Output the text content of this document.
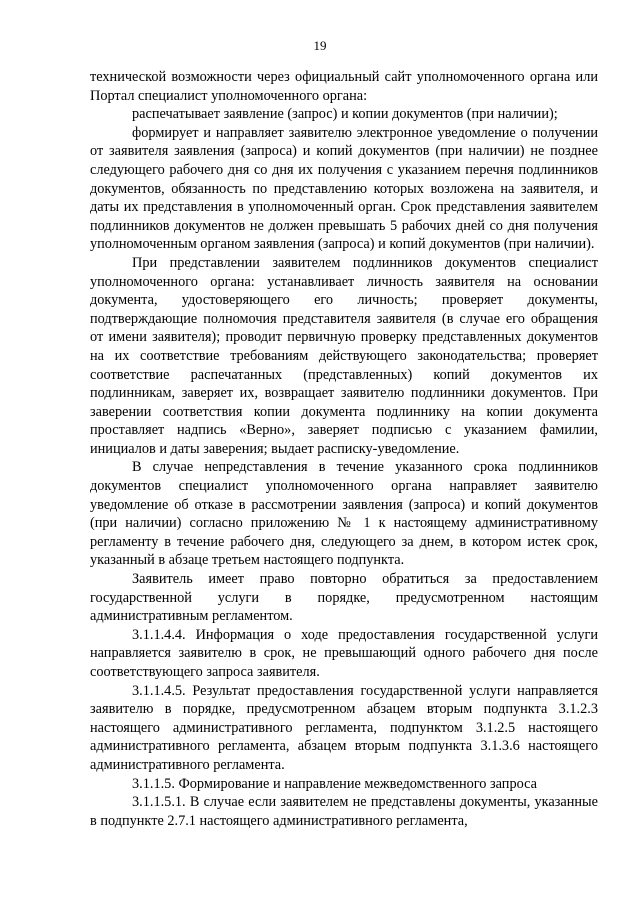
19

технической возможности через официальный сайт уполномоченного органа или Портал специалист уполномоченного органа:

распечатывает заявление (запрос) и копии документов (при наличии);

формирует и направляет заявителю электронное уведомление о получении от заявителя заявления (запроса) и копий документов (при наличии) не позднее следующего рабочего дня со дня их получения с указанием перечня подлинников документов, обязанность по представлению которых возложена на заявителя, и даты их представления в уполномоченный орган. Срок представления заявителем подлинников документов не должен превышать 5 рабочих дней со дня получения уполномоченным органом заявления (запроса) и копий документов (при наличии).

При представлении заявителем подлинников документов специалист уполномоченного органа: устанавливает личность заявителя на основании документа, удостоверяющего его личность; проверяет документы, подтверждающие полномочия представителя заявителя (в случае его обращения от имени заявителя); проводит первичную проверку представленных документов на их соответствие требованиям действующего законодательства; проверяет соответствие распечатанных (представленных) копий документов их подлинникам, заверяет их, возвращает заявителю подлинники документов. При заверении соответствия копии документа подлиннику на копии документа проставляет надпись «Верно», заверяет подписью с указанием фамилии, инициалов и даты заверения; выдает расписку-уведомление.

В случае непредставления в течение указанного срока подлинников документов специалист уполномоченного органа направляет заявителю уведомление об отказе в рассмотрении заявления (запроса) и копий документов (при наличии) согласно приложению № 1 к настоящему административному регламенту в течение рабочего дня, следующего за днем, в котором истек срок, указанный в абзаце третьем настоящего подпункта.

Заявитель имеет право повторно обратиться за предоставлением государственной услуги в порядке, предусмотренном настоящим административным регламентом.

3.1.1.4.4. Информация о ходе предоставления государственной услуги направляется заявителю в срок, не превышающий одного рабочего дня после соответствующего запроса заявителя.

3.1.1.4.5. Результат предоставления государственной услуги направляется заявителю в порядке, предусмотренном абзацем вторым подпункта 3.1.2.3 настоящего административного регламента, подпунктом 3.1.2.5 настоящего административного регламента, абзацем вторым подпункта 3.1.3.6 настоящего административного регламента.

3.1.1.5. Формирование и направление межведомственного запроса

3.1.1.5.1. В случае если заявителем не представлены документы, указанные в подпункте 2.7.1 настоящего административного регламента,
